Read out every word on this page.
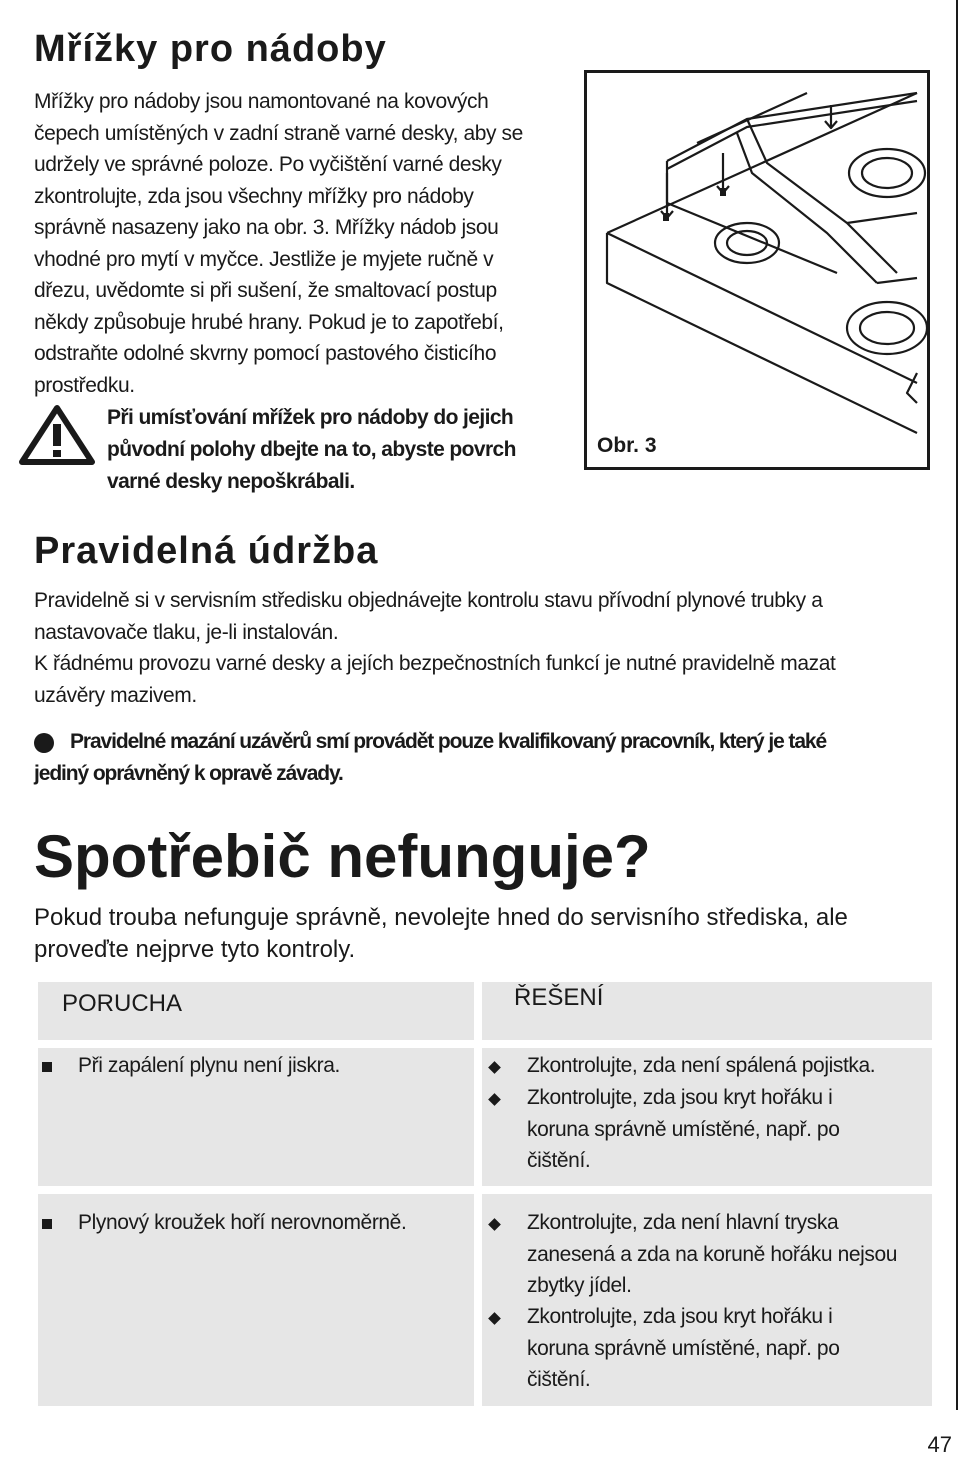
Mřížky pro nádoby
Mřížky pro nádoby jsou namontované na kovových
čepech umístěných v zadní straně varné desky, aby se
udržely ve správné poloze. Po vyčištění varné desky
zkontrolujte, zda jsou všechny mřížky pro nádoby
správně nasazeny jako na obr. 3. Mřížky nádob jsou
vhodné pro mytí v myčce. Jestliže je myjete ručně v
dřezu, uvědomte si při sušení, že smaltovací postup
někdy způsobuje hrubé hrany. Pokud je to zapotřebí,
odstraňte odolné skvrny pomocí pastového čisticího
prostředku.
Při umísťování mřížek pro nádoby do jejich
původní polohy dbejte na to, abyste povrch
varné desky nepoškrábali.
Obr. 3
Pravidelná údržba
Pravidelně si v servisním středisku objednávejte kontrolu stavu přívodní plynové trubky a
nastavovače tlaku, je-li instalován.
K řádnému provozu varné desky a jejích bezpečnostních funkcí je nutné pravidelně mazat
uzávěry mazivem.
Pravidelné mazání uzávěrů smí provádět pouze kvalifikovaný pracovník, který je také
jediný oprávněný k opravě závady.
Spotřebič nefunguje?
Pokud trouba nefunguje správně, nevolejte hned do servisního střediska, ale
proveďte nejprve tyto kontroly.
PORUCHA	ŘEŠENÍ
Při zapálení plynu není jiskra.	Zkontrolujte, zda není spálená pojistka.
Zkontrolujte, zda jsou kryt hořáku i
koruna správně umístěné, např. po
čištění.
Plynový kroužek hoří nerovnoměrně.	Zkontrolujte, zda není hlavní tryska
zanesená a zda na koruně hořáku nejsou
zbytky jídel.
Zkontrolujte, zda jsou kryt hořáku i
koruna správně umístěné, např. po
čištění.
47
